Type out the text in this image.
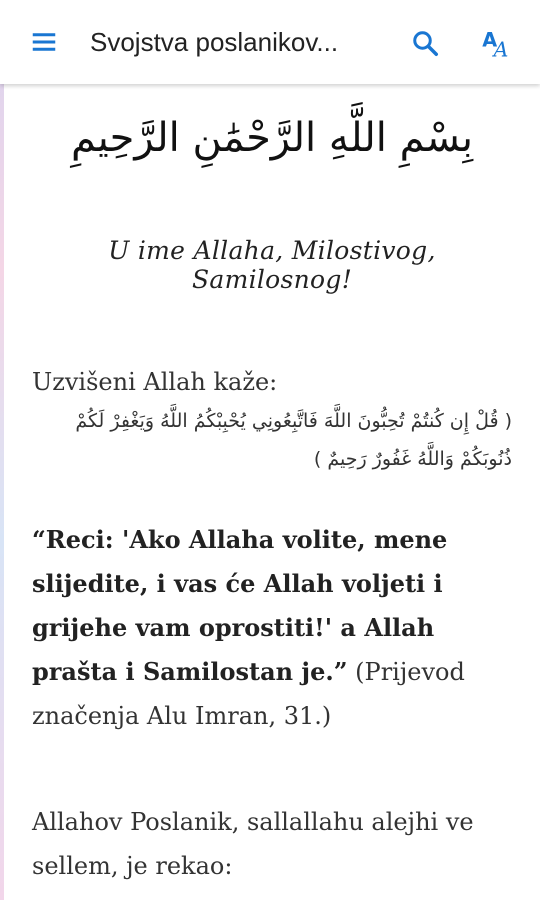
Svojstva poslanikov...	A
A
بِسْمِ اللَّهِ الرَّحْمَٰنِ الرَّحِيمِ
U ime Allaha, Milostivog, Samilosnog!
Uzvišeni Allah kaže:
( قُلْ إِن كُنتُمْ تُحِبُّونَ اللَّهَ فَاتَّبِعُونِي يُحْبِبْكُمُ اللَّهُ وَيَغْفِرْ لَكُمْ ذُنُوبَكُمْ وَاللَّهُ غَفُورٌ رَحِيمٌ )
“Reci: 'Ako Allaha volite, mene slijedite, i vas će Allah voljeti i grijehe vam oprostiti!' a Allah prašta i Samilostan je.” (Prijevod značenja Alu Imran, 31.)
Allahov Poslanik, sallallahu alejhi ve sellem, je rekao:
